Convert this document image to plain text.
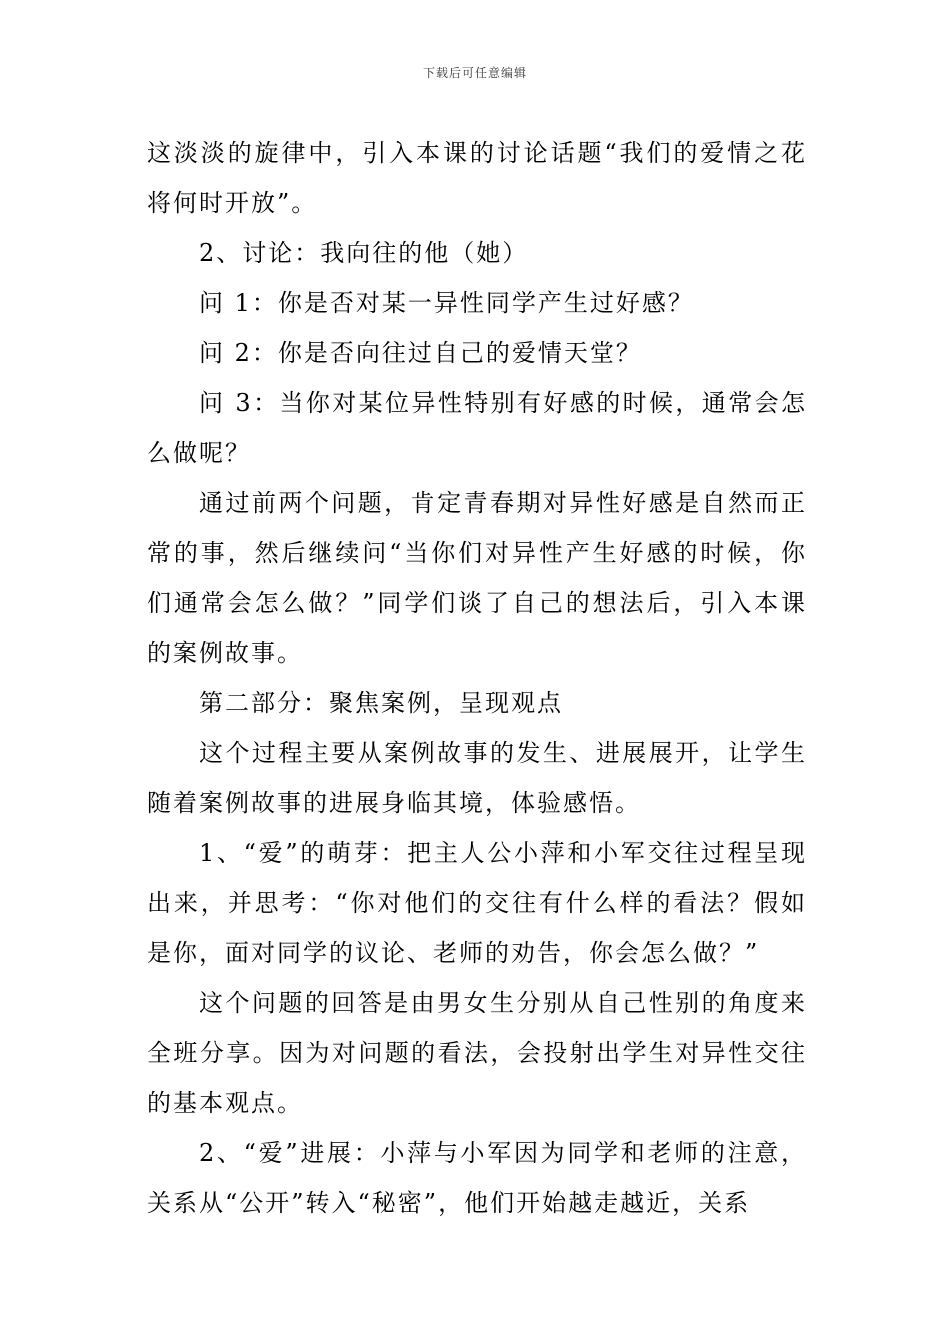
下载后可任意编辑

这淡淡的旋律中，引入本课的讨论话题“我们的爱情之花将何时开放”。

2、讨论：我向往的他（她）

问 1：你是否对某一异性同学产生过好感？

问 2：你是否向往过自己的爱情天堂？

问 3：当你对某位异性特别有好感的时候，通常会怎么做呢？

通过前两个问题，肯定青春期对异性好感是自然而正常的事，然后继续问“当你们对异性产生好感的时候，你们通常会怎么做？”同学们谈了自己的想法后，引入本课的案例故事。

第二部分：聚焦案例，呈现观点

这个过程主要从案例故事的发生、进展展开，让学生随着案例故事的进展身临其境，体验感悟。

1、“爱”的萌芽：把主人公小萍和小军交往过程呈现出来，并思考：“你对他们的交往有什么样的看法？假如是你，面对同学的议论、老师的劝告，你会怎么做？”

这个问题的回答是由男女生分别从自己性别的角度来全班分享。因为对问题的看法，会投射出学生对异性交往的基本观点。

2、“爱”进展：小萍与小军因为同学和老师的注意，关系从“公开”转入“秘密”，他们开始越走越近，关系
